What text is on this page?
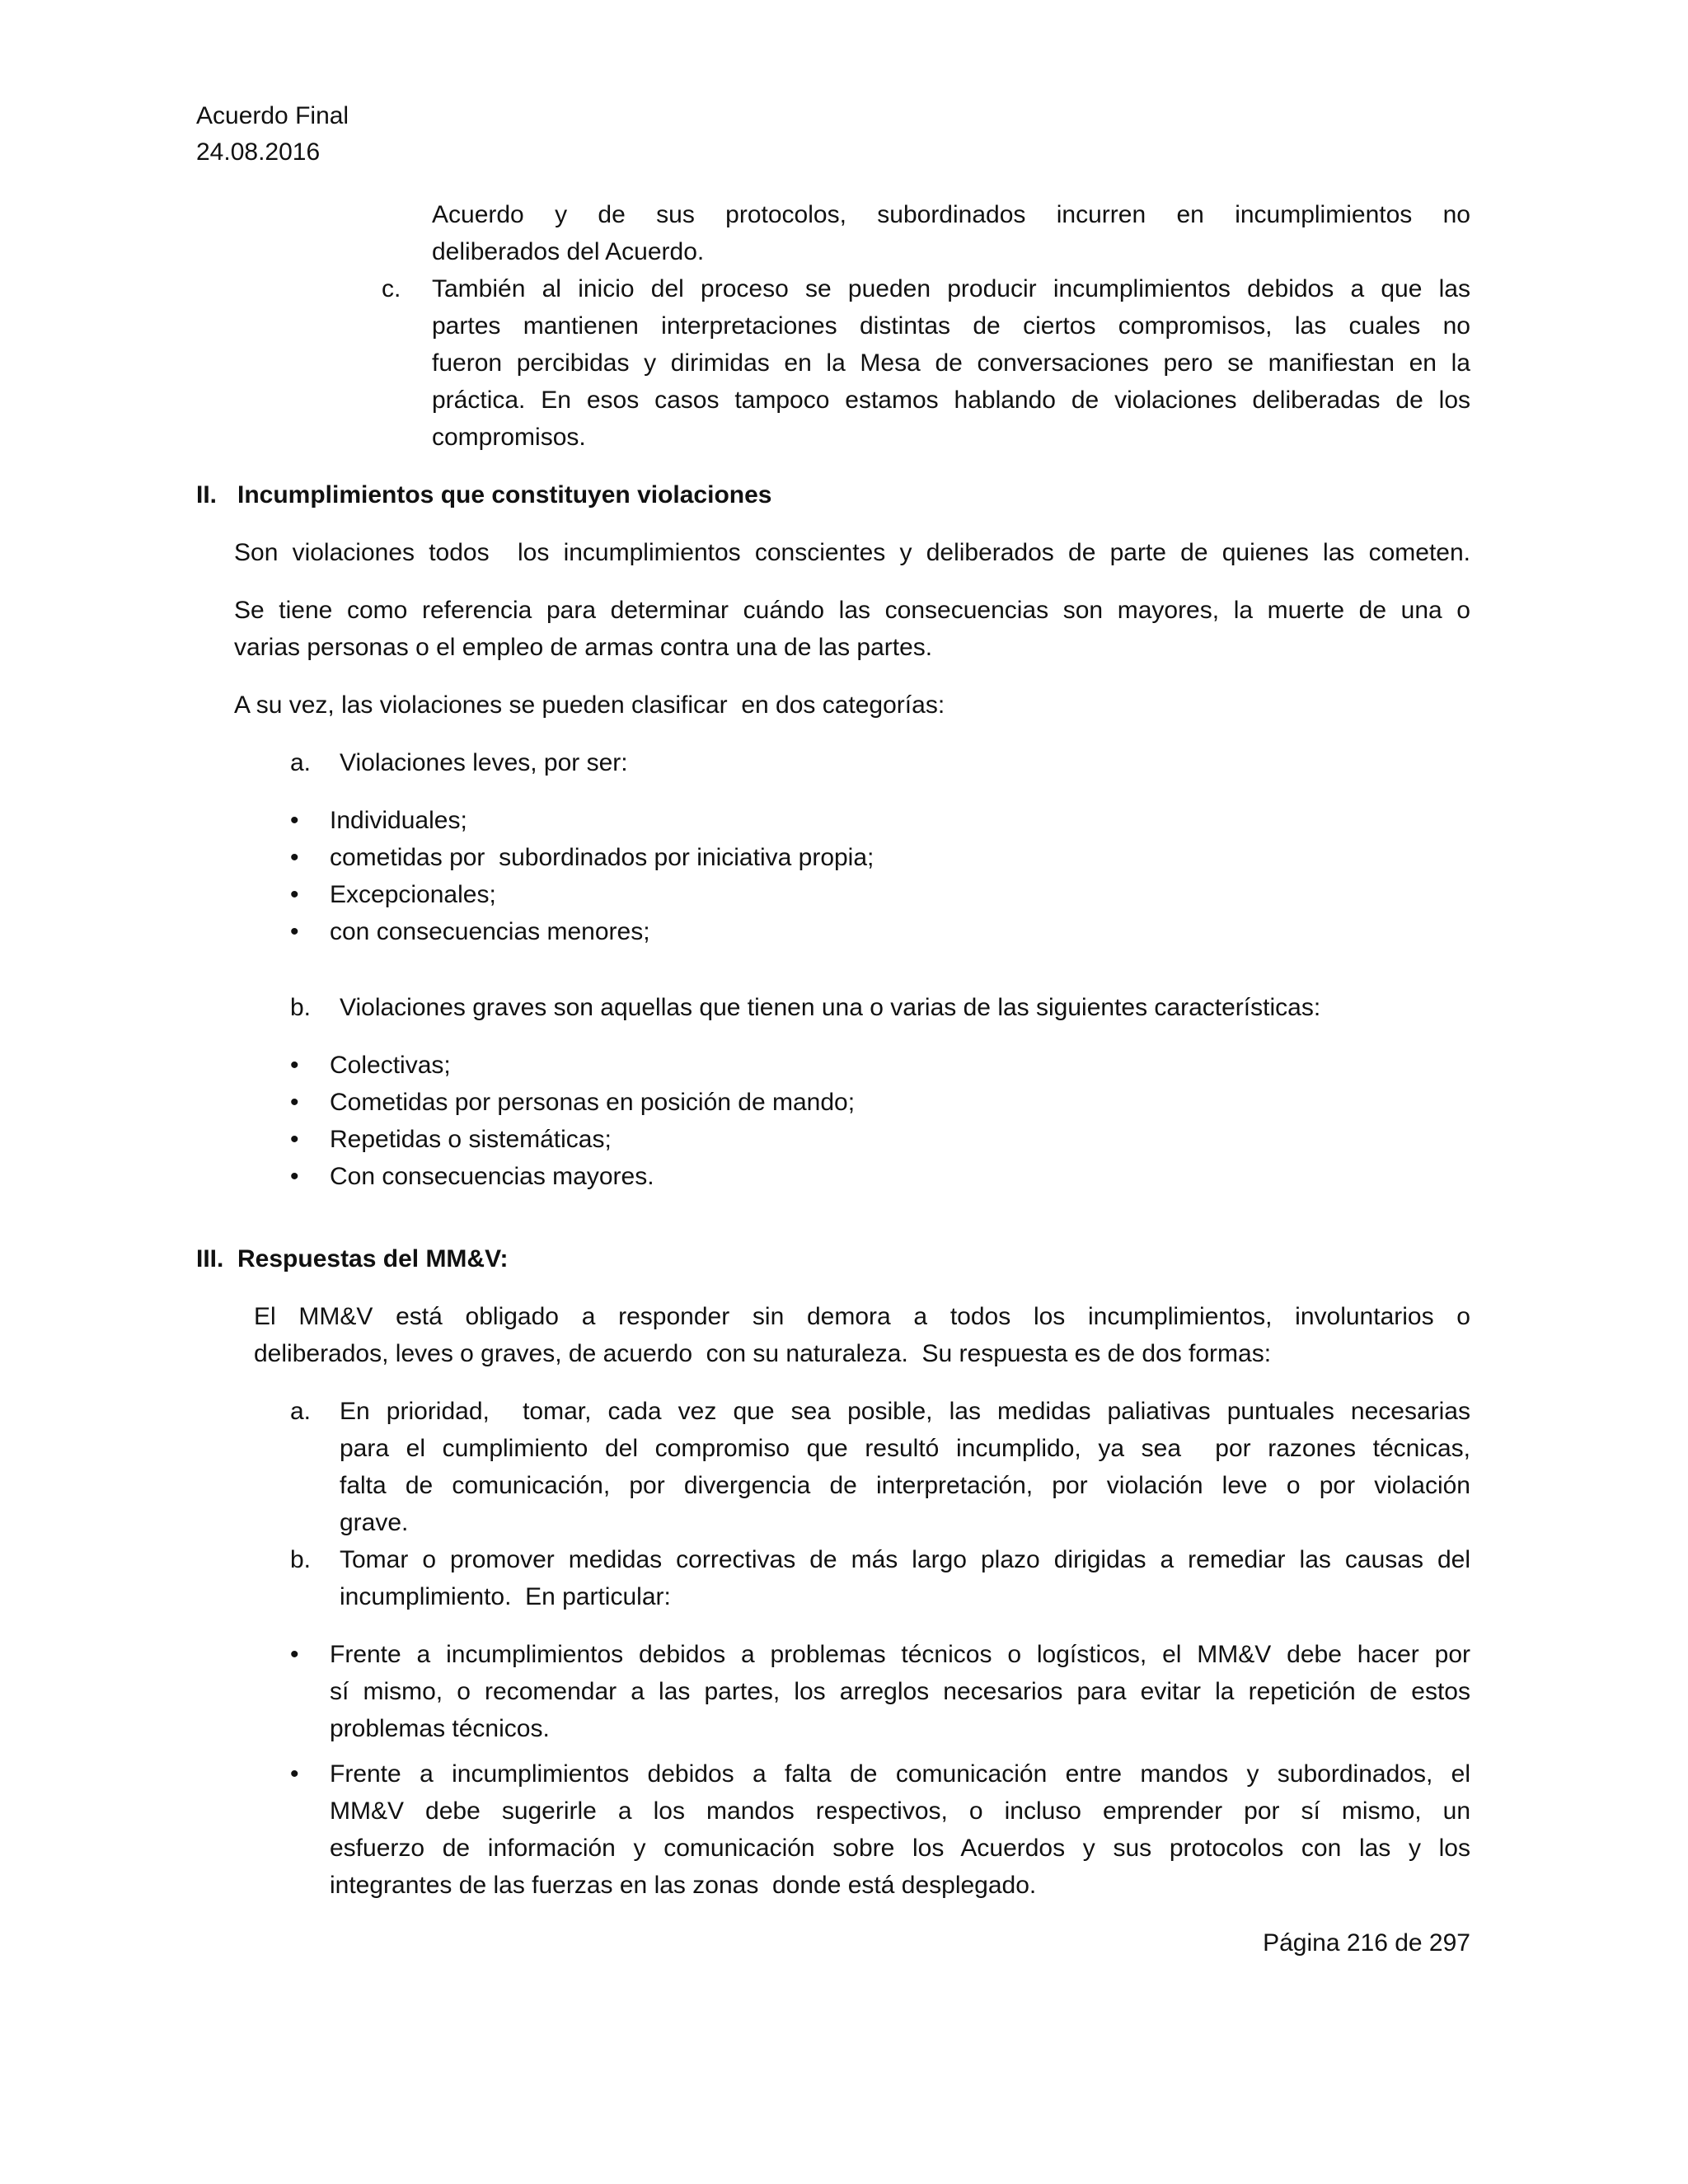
Acuerdo Final
24.08.2016
Acuerdo y de sus protocolos, subordinados incurren en incumplimientos no
deliberados del Acuerdo.
c. También al inicio del proceso se pueden producir incumplimientos debidos a que las
partes mantienen interpretaciones distintas de ciertos compromisos, las cuales no
fueron percibidas y dirimidas en la Mesa de conversaciones pero se manifiestan en la
práctica. En esos casos tampoco estamos hablando de violaciones deliberadas de los
compromisos.
II.   Incumplimientos que constituyen violaciones
Son violaciones todos  los incumplimientos conscientes y deliberados de parte de quienes las cometen.
Se tiene como referencia para determinar cuándo las consecuencias son mayores, la muerte de una o
varias personas o el empleo de armas contra una de las partes.
A su vez, las violaciones se pueden clasificar  en dos categorías:
a. Violaciones leves, por ser:
• Individuales;
• cometidas por  subordinados por iniciativa propia;
• Excepcionales;
• con consecuencias menores;
b. Violaciones graves son aquellas que tienen una o varias de las siguientes características:
• Colectivas;
• Cometidas por personas en posición de mando;
• Repetidas o sistemáticas;
• Con consecuencias mayores.
III.  Respuestas del MM&V:
El MM&V está obligado a responder sin demora a todos los incumplimientos, involuntarios o
deliberados, leves o graves, de acuerdo  con su naturaleza.  Su respuesta es de dos formas:
a. En prioridad,  tomar, cada vez que sea posible, las medidas paliativas puntuales necesarias
para el cumplimiento del compromiso que resultó incumplido, ya sea  por razones técnicas,
falta de comunicación, por divergencia de interpretación, por violación leve o por violación
grave.
b. Tomar o promover medidas correctivas de más largo plazo dirigidas a remediar las causas del
incumplimiento.  En particular:
• Frente a incumplimientos debidos a problemas técnicos o logísticos, el MM&V debe hacer por
sí mismo, o recomendar a las partes, los arreglos necesarios para evitar la repetición de estos
problemas técnicos.
• Frente a incumplimientos debidos a falta de comunicación entre mandos y subordinados, el
MM&V debe sugerirle a los mandos respectivos, o incluso emprender por sí mismo, un
esfuerzo de información y comunicación sobre los Acuerdos y sus protocolos con las y los
integrantes de las fuerzas en las zonas  donde está desplegado.
Página 216 de 297
